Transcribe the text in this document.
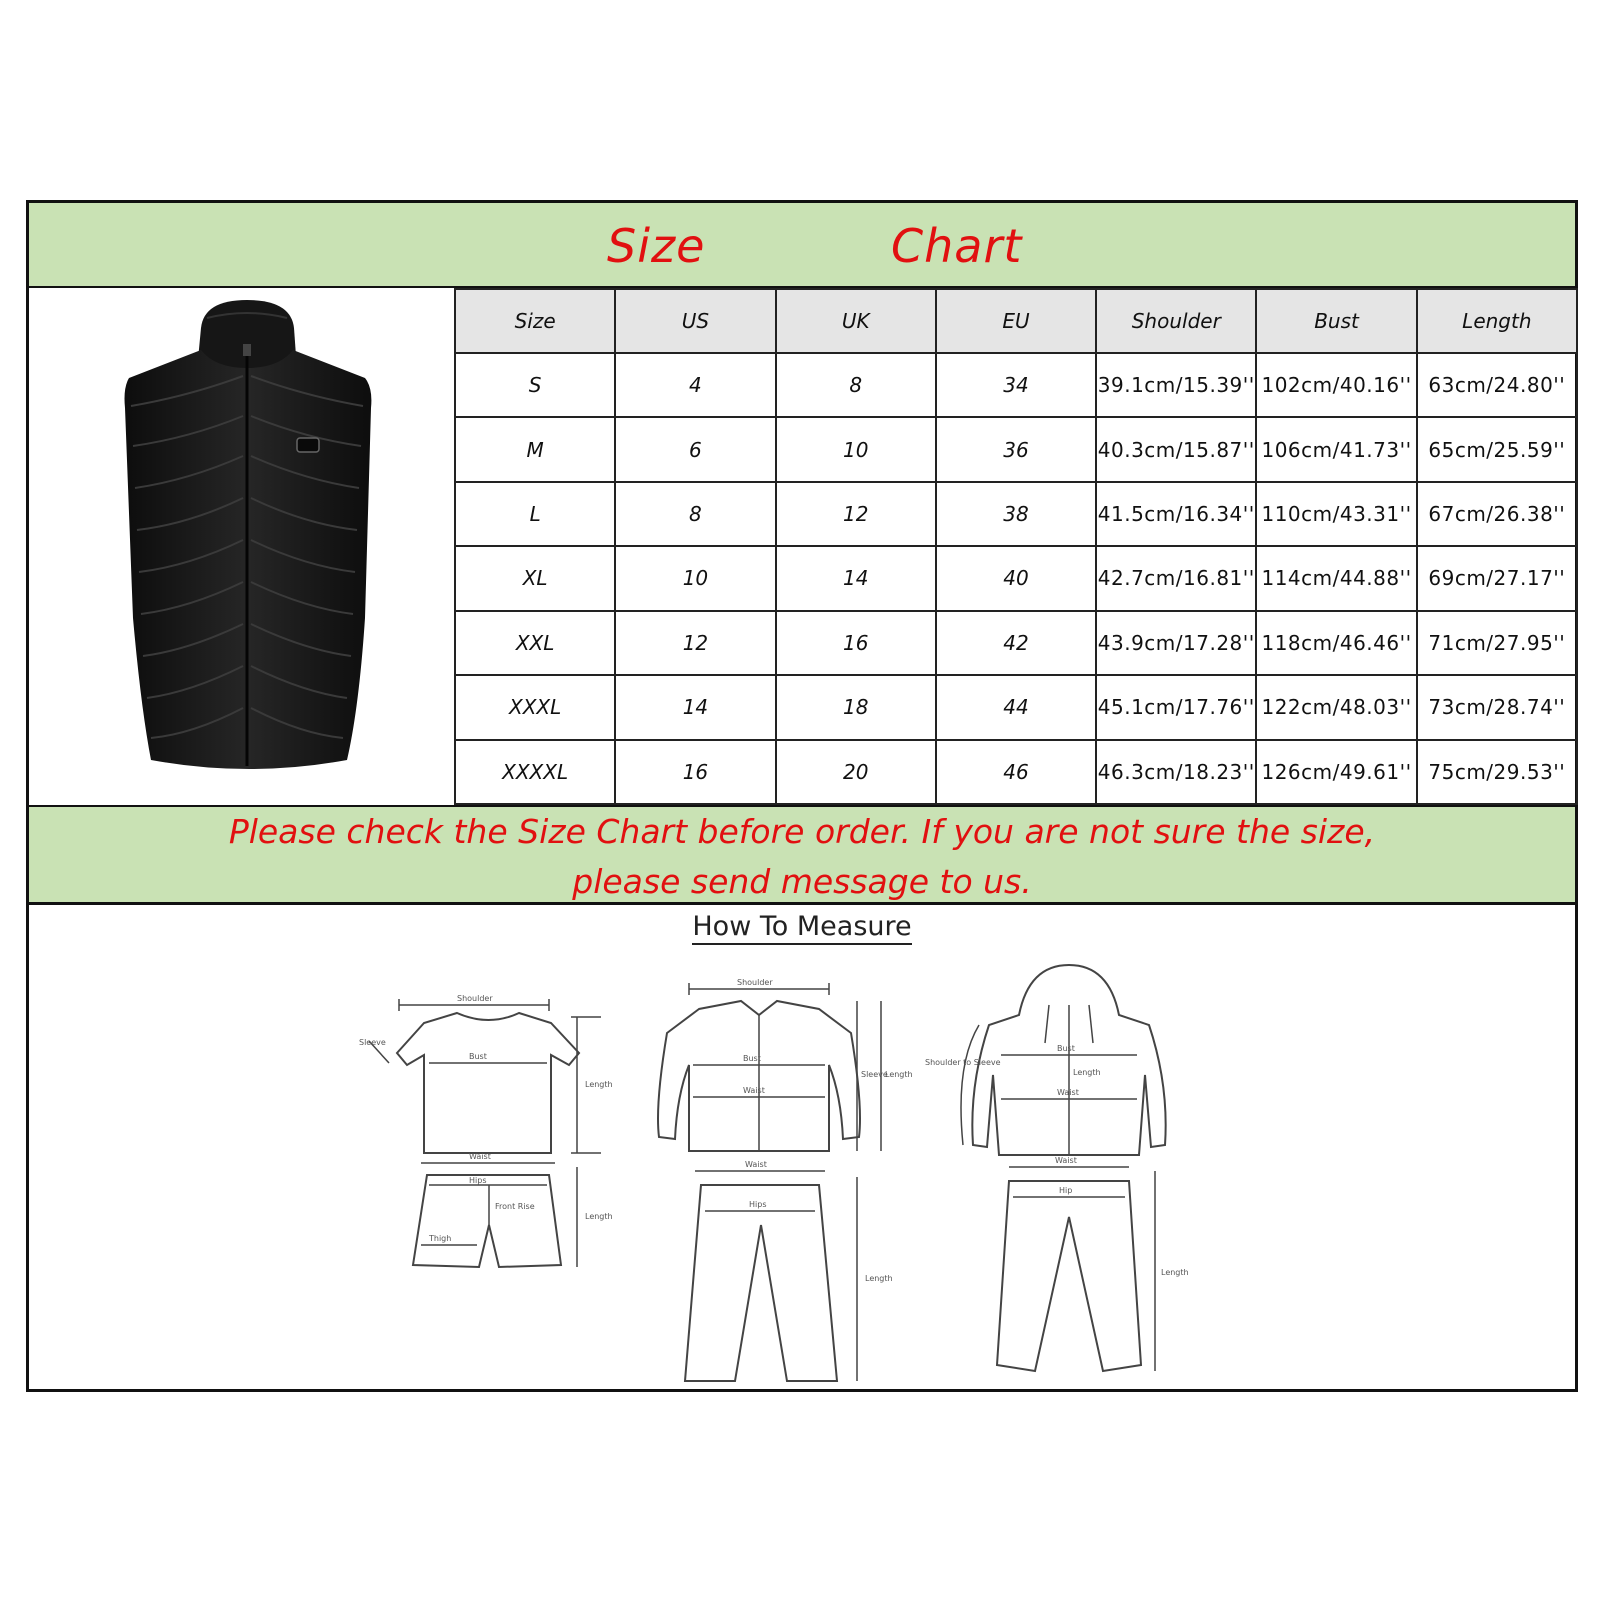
Size	Chart
Size	US	UK	EU	Shoulder	Bust	Length
S	4	8	34	39.1cm/15.39''	102cm/40.16''	63cm/24.80''
M	6	10	36	40.3cm/15.87''	106cm/41.73''	65cm/25.59''
L	8	12	38	41.5cm/16.34''	110cm/43.31''	67cm/26.38''
XL	10	14	40	42.7cm/16.81''	114cm/44.88''	69cm/27.17''
XXL	12	16	42	43.9cm/17.28''	118cm/46.46''	71cm/27.95''
XXXL	14	18	44	45.1cm/17.76''	122cm/48.03''	73cm/28.74''
XXXXL	16	20	46	46.3cm/18.23''	126cm/49.61''	75cm/29.53''
Please check the Size Chart before order. If you are not sure the size,
please send message to us.
Shoulder
Bust
Length
Sleeve
Waist
Hips
Front Rise
Thigh
Length
Shoulder
Bust
Waist
Sleeve
Length
Waist
Hips
Length
Bust
Waist
Length
Shoulder to Sleeve
Waist
Hip
Length
How To Measure
